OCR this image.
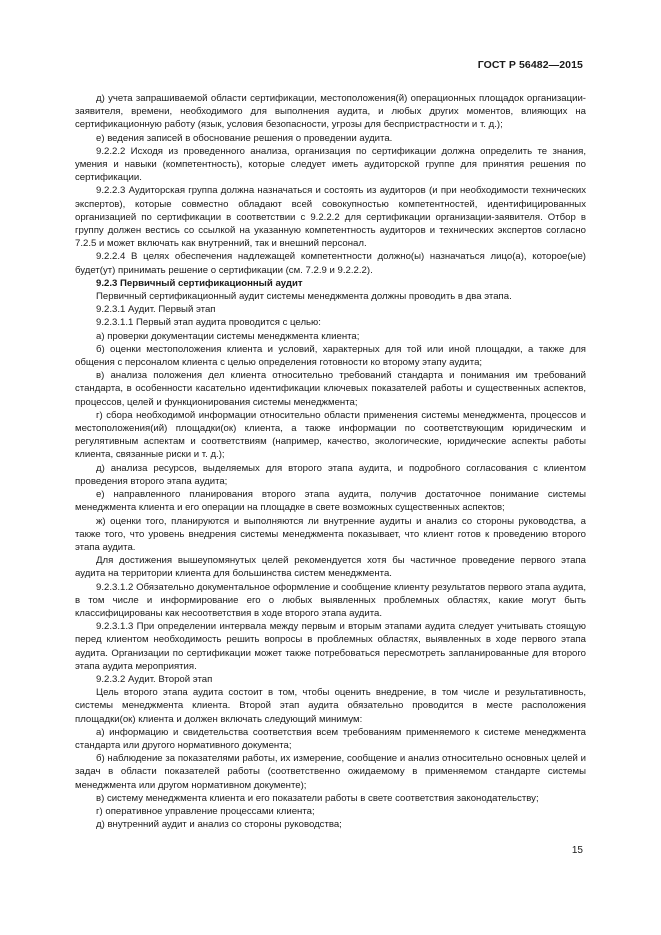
ГОСТ Р 56482—2015

д) учета запрашиваемой области сертификации, местоположения(й) операционных площадок организации-заявителя, времени, необходимого для выполнения аудита, и любых других моментов, влияющих на сертификационную работу (язык, условия безопасности, угрозы для беспристрастности и т. д.);

е) ведения записей в обоснование решения о проведении аудита.

9.2.2.2 Исходя из проведенного анализа, организация по сертификации должна определить те знания, умения и навыки (компетентность), которые следует иметь аудиторской группе для принятия решения по сертификации.

9.2.2.3 Аудиторская группа должна назначаться и состоять из аудиторов (и при необходимости технических экспертов), которые совместно обладают всей совокупностью компетентностей, идентифицированных организацией по сертификации в соответствии с 9.2.2.2 для сертификации организации-заявителя. Отбор в группу должен вестись со ссылкой на указанную компетентность аудиторов и технических экспертов согласно 7.2.5 и может включать как внутренний, так и внешний персонал.

9.2.2.4 В целях обеспечения надлежащей компетентности должно(ы) назначаться лицо(а), которое(ые) будет(ут) принимать решение о сертификации (см. 7.2.9 и 9.2.2.2).

9.2.3 Первичный сертификационный аудит

Первичный сертификационный аудит системы менеджмента должны проводить в два этапа.

9.2.3.1 Аудит. Первый этап

9.2.3.1.1 Первый этап аудита проводится с целью:

а) проверки документации системы менеджмента клиента;

б) оценки местоположения клиента и условий, характерных для той или иной площадки, а также для общения с персоналом клиента с целью определения готовности ко второму этапу аудита;

в) анализа положения дел клиента относительно требований стандарта и понимания им требований стандарта, в особенности касательно идентификации ключевых показателей работы и существенных аспектов, процессов, целей и функционирования системы менеджмента;

г) сбора необходимой информации относительно области применения системы менеджмента, процессов и местоположения(ий) площадки(ок) клиента, а также информации по соответствующим юридическим и регулятивным аспектам и соответствиям (например, качество, экологические, юридические аспекты работы клиента, связанные риски и т. д.);

д) анализа ресурсов, выделяемых для второго этапа аудита, и подробного согласования с клиентом проведения второго этапа аудита;

е) направленного планирования второго этапа аудита, получив достаточное понимание системы менеджмента клиента и его операции на площадке в свете возможных существенных аспектов;

ж) оценки того, планируются и выполняются ли внутренние аудиты и анализ со стороны руководства, а также того, что уровень внедрения системы менеджмента показывает, что клиент готов к проведению второго этапа аудита.

Для достижения вышеупомянутых целей рекомендуется хотя бы частичное проведение первого этапа аудита на территории клиента для большинства систем менеджмента.

9.2.3.1.2 Обязательно документальное оформление и сообщение клиенту результатов первого этапа аудита, в том числе и информирование его о любых выявленных проблемных областях, какие могут быть классифицированы как несоответствия в ходе второго этапа аудита.

9.2.3.1.3 При определении интервала между первым и вторым этапами аудита следует учитывать стоящую перед клиентом необходимость решить вопросы в проблемных областях, выявленных в ходе первого этапа аудита. Организации по сертификации может также потребоваться пересмотреть запланированные для второго этапа аудита мероприятия.

9.2.3.2 Аудит. Второй этап

Цель второго этапа аудита состоит в том, чтобы оценить внедрение, в том числе и результативность, системы менеджмента клиента. Второй этап аудита обязательно проводится в месте расположения площадки(ок) клиента и должен включать следующий минимум:

а) информацию и свидетельства соответствия всем требованиям применяемого к системе менеджмента стандарта или другого нормативного документа;

б) наблюдение за показателями работы, их измерение, сообщение и анализ относительно основных целей и задач в области показателей работы (соответственно ожидаемому в применяемом стандарте системы менеджмента или другом нормативном документе);

в) систему менеджмента клиента и его показатели работы в свете соответствия законодательству;

г) оперативное управление процессами клиента;

д) внутренний аудит и анализ со стороны руководства;

15
